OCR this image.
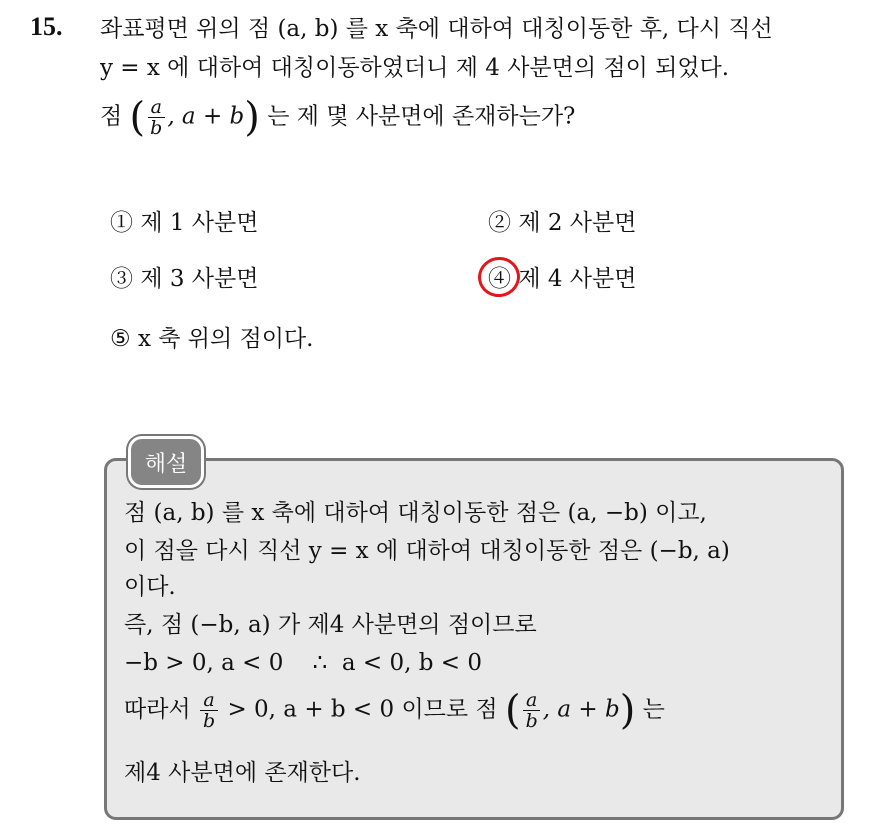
15. 좌표평면 위의 점 (a, b) 를 x 축에 대하여 대칭이동한 후, 다시 직선
y = x 에 대하여 대칭이동하였더니 제 4 사분면의 점이 되었다.
점 ( $\frac{a}{b}$ , a + b) 는 제 몇 사분면에 존재하는가?
① 제 1 사분면	② 제 2 사분면
③ 제 3 사분면	④ 제 4 사분면
⑤ x 축 위의 점이다.
해설
점 (a, b) 를 x 축에 대하여 대칭이동한 점은 (a, −b) 이고,
이 점을 다시 직선 y = x 에 대하여 대칭이동한 점은 (−b, a)
이다.
즉, 점 (−b, a) 가 제4 사분면의 점이므로
−b > 0, a < 0    ∴  a < 0, b < 0
따라서 $\frac{a}{b} > 0$, a + b < 0 이므로 점 ( $\frac{a}{b}$ , a + b) 는
제4 사분면에 존재한다.
